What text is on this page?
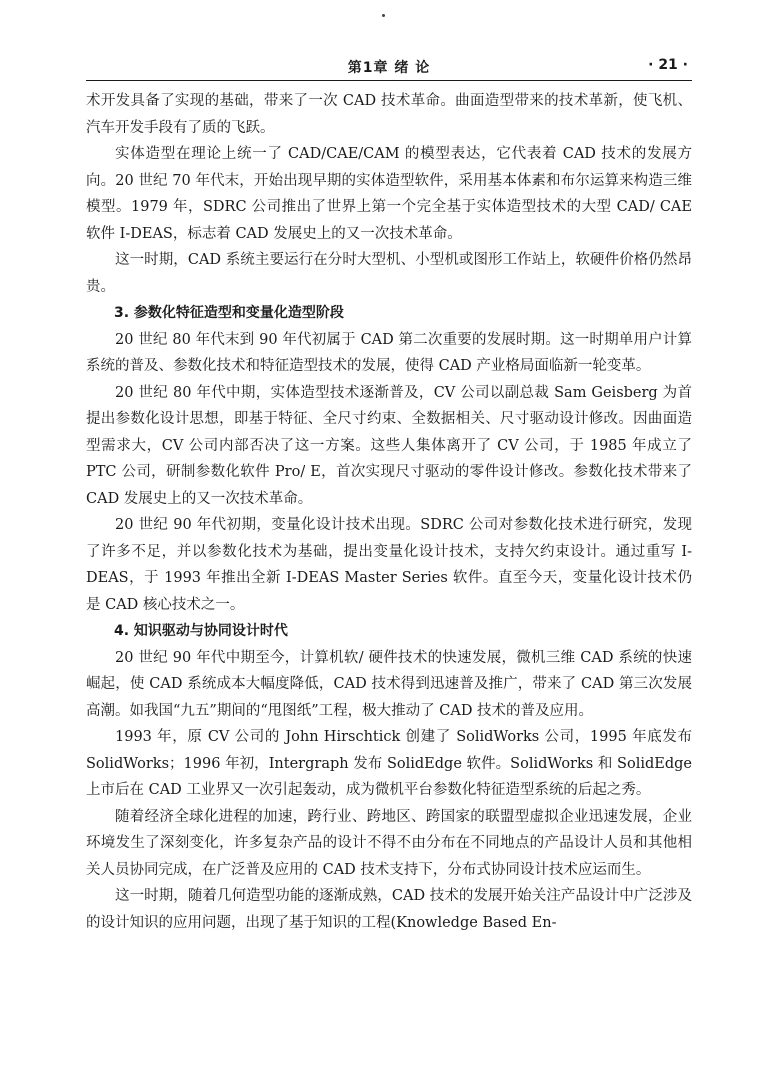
第1章 绪 论	· 21 ·

术开发具备了实现的基础，带来了一次 CAD 技术革命。曲面造型带来的技术革新，使飞机、汽车开发手段有了质的飞跃。

实体造型在理论上统一了 CAD/CAE/CAM 的模型表达，它代表着 CAD 技术的发展方向。20 世纪 70 年代末，开始出现早期的实体造型软件，采用基本体素和布尔运算来构造三维模型。1979 年，SDRC 公司推出了世界上第一个完全基于实体造型技术的大型 CAD/ CAE 软件 I-DEAS，标志着 CAD 发展史上的又一次技术革命。

这一时期，CAD 系统主要运行在分时大型机、小型机或图形工作站上，软硬件价格仍然昂贵。

3. 参数化特征造型和变量化造型阶段

20 世纪 80 年代末到 90 年代初属于 CAD 第二次重要的发展时期。这一时期单用户计算系统的普及、参数化技术和特征造型技术的发展，使得 CAD 产业格局面临新一轮变革。

20 世纪 80 年代中期，实体造型技术逐渐普及，CV 公司以副总裁 Sam Geisberg 为首提出参数化设计思想，即基于特征、全尺寸约束、全数据相关、尺寸驱动设计修改。因曲面造型需求大，CV 公司内部否决了这一方案。这些人集体离开了 CV 公司，于 1985 年成立了 PTC 公司，研制参数化软件 Pro/ E，首次实现尺寸驱动的零件设计修改。参数化技术带来了 CAD 发展史上的又一次技术革命。

20 世纪 90 年代初期，变量化设计技术出现。SDRC 公司对参数化技术进行研究，发现了许多不足，并以参数化技术为基础，提出变量化设计技术，支持欠约束设计。通过重写 I-DEAS，于 1993 年推出全新 I-DEAS Master Series 软件。直至今天，变量化设计技术仍是 CAD 核心技术之一。

4. 知识驱动与协同设计时代

20 世纪 90 年代中期至今，计算机软/ 硬件技术的快速发展，微机三维 CAD 系统的快速崛起，使 CAD 系统成本大幅度降低，CAD 技术得到迅速普及推广，带来了 CAD 第三次发展高潮。如我国“九五”期间的“甩图纸”工程，极大推动了 CAD 技术的普及应用。

1993 年，原 CV 公司的 John Hirschtick 创建了 SolidWorks 公司，1995 年底发布 SolidWorks；1996 年初，Intergraph 发布 SolidEdge 软件。SolidWorks 和 SolidEdge上市后在 CAD 工业界又一次引起轰动，成为微机平台参数化特征造型系统的后起之秀。

随着经济全球化进程的加速，跨行业、跨地区、跨国家的联盟型虚拟企业迅速发展，企业环境发生了深刻变化，许多复杂产品的设计不得不由分布在不同地点的产品设计人员和其他相关人员协同完成，在广泛普及应用的 CAD 技术支持下，分布式协同设计技术应运而生。

这一时期，随着几何造型功能的逐渐成熟，CAD 技术的发展开始关注产品设计中广泛涉及的设计知识的应用问题，出现了基于知识的工程(Knowledge Based En-
